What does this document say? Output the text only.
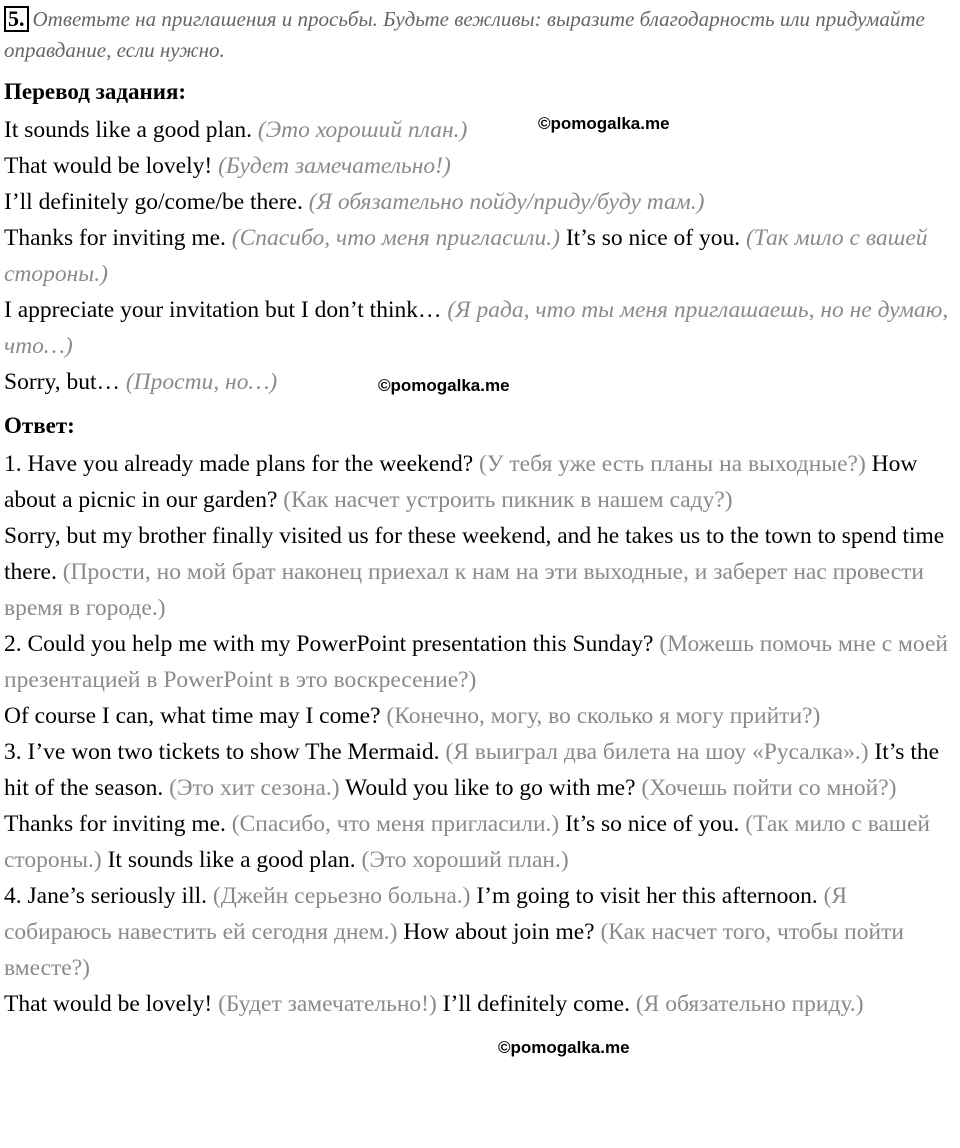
5. Ответьте на приглашения и просьбы. Будьте вежливы: выразите благодарность или придумайте оправдание, если нужно.
Перевод задания:
It sounds like a good plan. (Это хороший план.)
That would be lovely! (Будет замечательно!)
I’ll definitely go/come/be there. (Я обязательно пойду/приду/буду там.)
Thanks for inviting me. (Спасибо, что меня пригласили.) It’s so nice of you. (Так мило с вашей стороны.)
I appreciate your invitation but I don’t think… (Я рада, что ты меня приглашаешь, но не думаю, что…)
Sorry, but… (Прости, но…)
Ответ:
1. Have you already made plans for the weekend? (У тебя уже есть планы на выходные?) How about a picnic in our garden? (Как насчет устроить пикник в нашем саду?)
Sorry, but my brother finally visited us for these weekend, and he takes us to the town to spend time there. (Прости, но мой брат наконец приехал к нам на эти выходные, и заберет нас провести время в городе.)
2. Could you help me with my PowerPoint presentation this Sunday? (Можешь помочь мне с моей презентацией в PowerPoint в это воскресение?)
Of course I can, what time may I come? (Конечно, могу, во сколько я могу прийти?)
3. I’ve won two tickets to show The Mermaid. (Я выиграл два билета на шоу «Русалка».) It’s the hit of the season. (Это хит сезона.) Would you like to go with me? (Хочешь пойти со мной?)
Thanks for inviting me. (Спасибо, что меня пригласили.) It’s so nice of you. (Так мило с вашей стороны.) It sounds like a good plan. (Это хороший план.)
4. Jane’s seriously ill. (Джейн серьезно больна.) I’m going to visit her this afternoon. (Я собираюсь навестить ей сегодня днем.) How about join me? (Как насчет того, чтобы пойти вместе?)
That would be lovely! (Будет замечательно!) I’ll definitely come. (Я обязательно приду.)
©pomogalka.me
©pomogalka.me
©pomogalka.me
